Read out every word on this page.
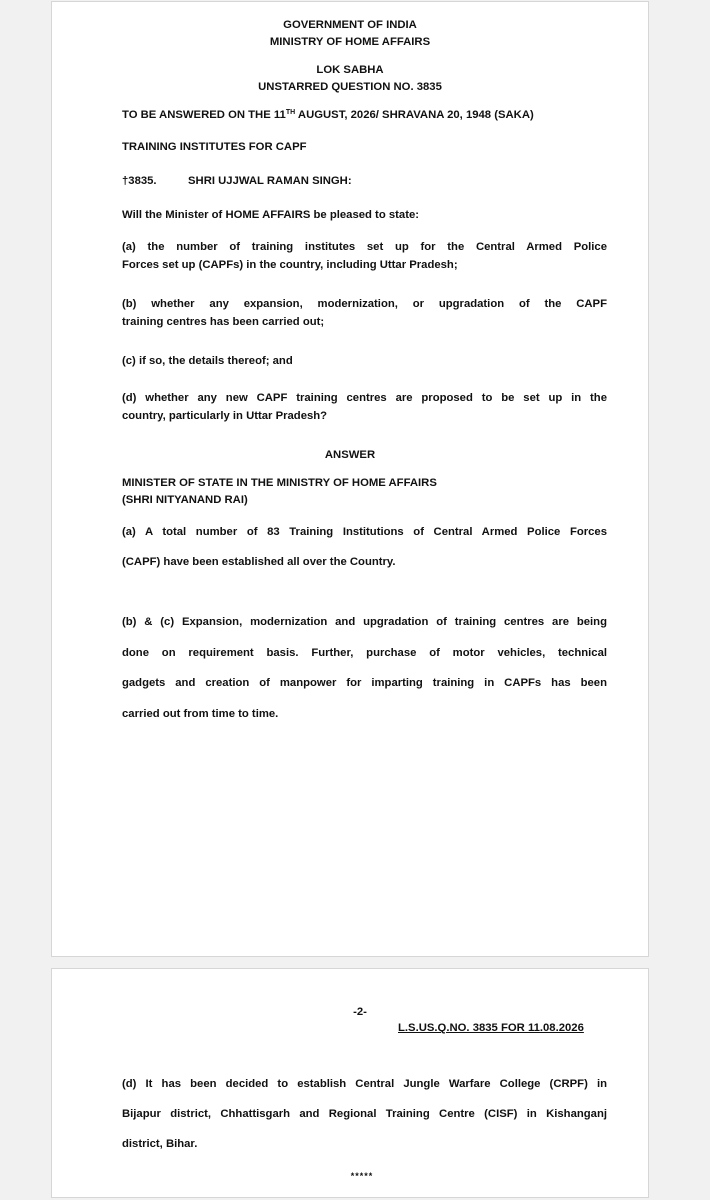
GOVERNMENT OF INDIA
MINISTRY OF HOME AFFAIRS
LOK SABHA
UNSTARRED QUESTION NO. 3835
TO BE ANSWERED ON THE 11TH AUGUST, 2026/ SHRAVANA 20, 1948 (SAKA)
TRAINING INSTITUTES FOR CAPF
†3835.	SHRI UJJWAL RAMAN SINGH:
Will the Minister of HOME AFFAIRS be pleased to state:
(a) the number of training institutes set up for the Central Armed Police
Forces set up (CAPFs) in the country, including Uttar Pradesh;
(b) whether any expansion, modernization, or upgradation of the CAPF
training centres has been carried out;
(c) if so, the details thereof; and
(d) whether any new CAPF training centres are proposed to be set up in the
country, particularly in Uttar Pradesh?
ANSWER
MINISTER OF STATE IN THE MINISTRY OF HOME AFFAIRS
(SHRI NITYANAND RAI)
(a) A total number of 83 Training Institutions of Central Armed Police Forces
(CAPF) have been established all over the Country.
(b) & (c) Expansion, modernization and upgradation of training centres are being
done on requirement basis. Further, purchase of motor vehicles, technical
gadgets and creation of manpower for imparting training in CAPFs has been
carried out from time to time.
-2-
L.S.US.Q.NO. 3835 FOR 11.08.2026
(d) It has been decided to establish Central Jungle Warfare College (CRPF) in
Bijapur district, Chhattisgarh and Regional Training Centre (CISF) in Kishanganj
district, Bihar.
*****
